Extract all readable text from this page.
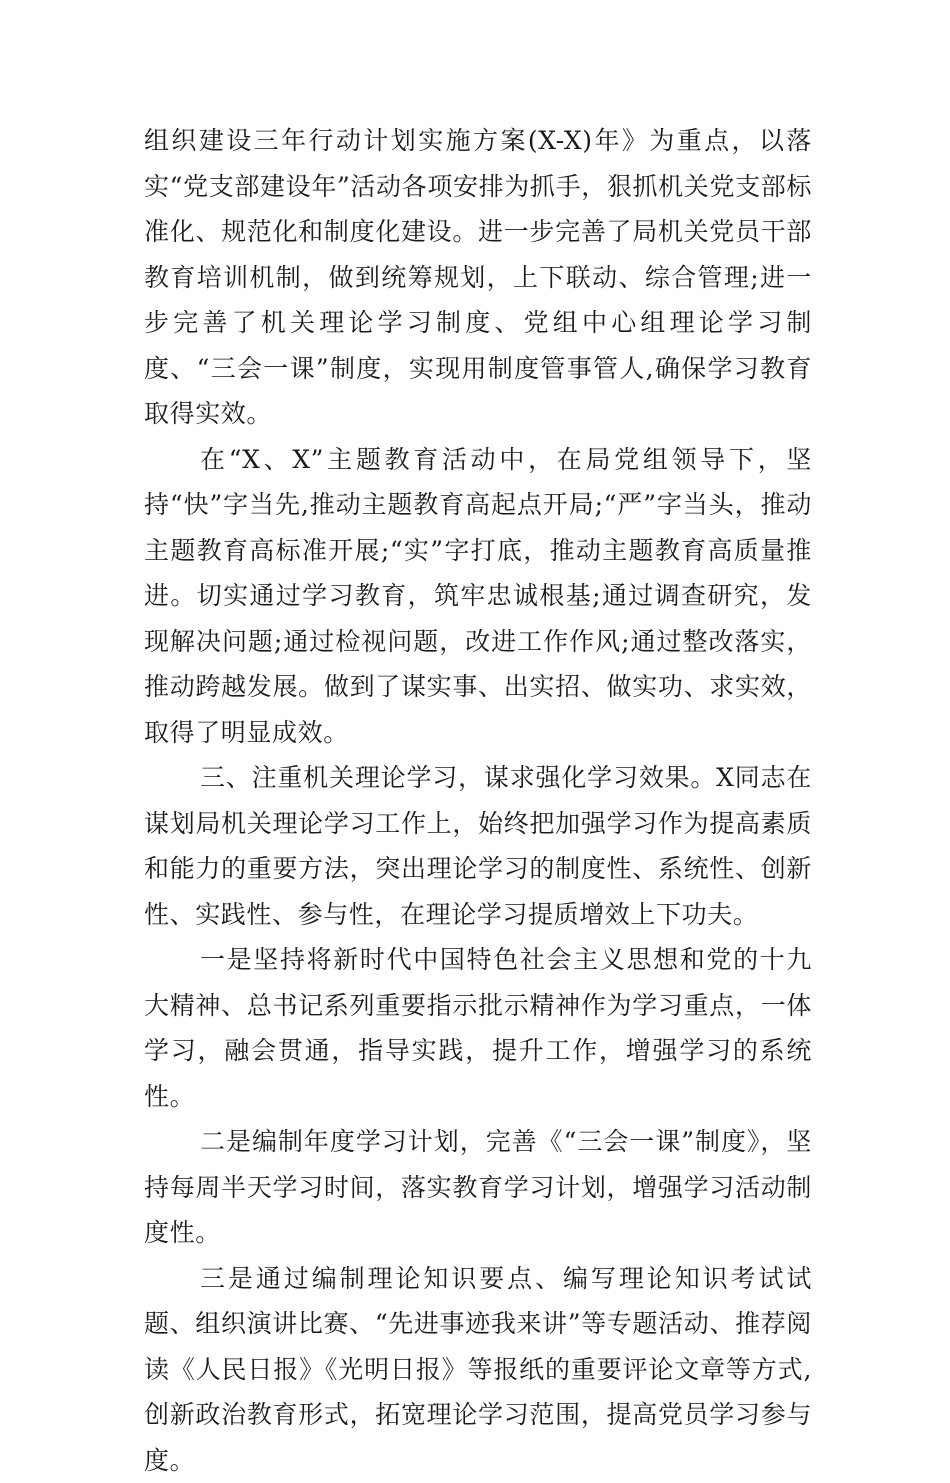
组织建设三年行动计划实施方案(X-X)年》为重点，以落实“党支部建设年”活动各项安排为抓手，狠抓机关党支部标准化、规范化和制度化建设。进一步完善了局机关党员干部教育培训机制，做到统筹规划，上下联动、综合管理;进一步完善了机关理论学习制度、党组中心组理论学习制度、“三会一课”制度，实现用制度管事管人,确保学习教育取得实效。

在“X、X”主题教育活动中，在局党组领导下，坚持“快”字当先,推动主题教育高起点开局;“严”字当头，推动主题教育高标准开展;“实”字打底，推动主题教育高质量推进。切实通过学习教育，筑牢忠诚根基;通过调查研究，发现解决问题;通过检视问题，改进工作作风;通过整改落实，推动跨越发展。做到了谋实事、出实招、做实功、求实效，取得了明显成效。

三、注重机关理论学习，谋求强化学习效果。X同志在谋划局机关理论学习工作上，始终把加强学习作为提高素质和能力的重要方法，突出理论学习的制度性、系统性、创新性、实践性、参与性，在理论学习提质增效上下功夫。

一是坚持将新时代中国特色社会主义思想和党的十九大精神、总书记系列重要指示批示精神作为学习重点，一体学习，融会贯通，指导实践，提升工作，增强学习的系统性。

二是编制年度学习计划，完善《“三会一课”制度》，坚持每周半天学习时间，落实教育学习计划，增强学习活动制度性。

三是通过编制理论知识要点、编写理论知识考试试题、组织演讲比赛、“先进事迹我来讲”等专题活动、推荐阅读《人民日报》《光明日报》等报纸的重要评论文章等方式,创新政治教育形式，拓宽理论学习范围，提高党员学习参与度。
